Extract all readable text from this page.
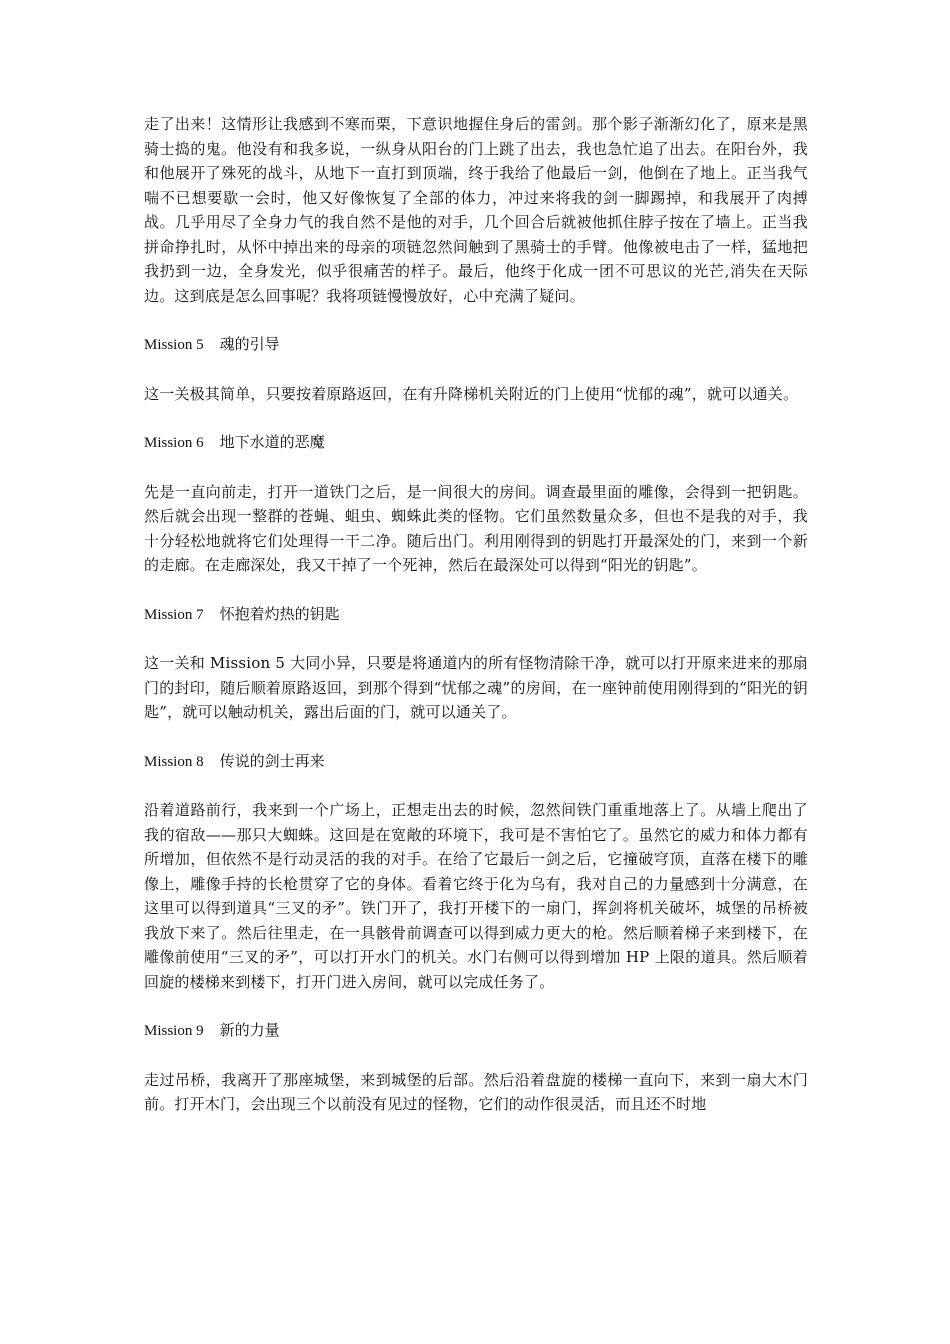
走了出来！这情形让我感到不寒而栗，下意识地握住身后的雷剑。那个影子渐渐幻化了，原来是黑骑士捣的鬼。他没有和我多说，一纵身从阳台的门上跳了出去，我也急忙追了出去。在阳台外，我和他展开了殊死的战斗，从地下一直打到顶端，终于我给了他最后一剑，他倒在了地上。正当我气喘不已想要歇一会时，他又好像恢复了全部的体力，冲过来将我的剑一脚踢掉，和我展开了肉搏战。几乎用尽了全身力气的我自然不是他的对手，几个回合后就被他抓住脖子按在了墙上。正当我拼命挣扎时，从怀中掉出来的母亲的项链忽然间触到了黑骑士的手臂。他像被电击了一样，猛地把我扔到一边，全身发光，似乎很痛苦的样子。最后，他终于化成一团不可思议的光芒,消失在天际边。这到底是怎么回事呢？我将项链慢慢放好，心中充满了疑问。

Mission 5 魂的引导

这一关极其简单，只要按着原路返回，在有升降梯机关附近的门上使用“忧郁的魂”，就可以通关。

Mission 6 地下水道的恶魔

先是一直向前走，打开一道铁门之后，是一间很大的房间。调查最里面的雕像，会得到一把钥匙。然后就会出现一整群的苍蝇、蛆虫、蜘蛛此类的怪物。它们虽然数量众多，但也不是我的对手，我十分轻松地就将它们处理得一干二净。随后出门。利用刚得到的钥匙打开最深处的门，来到一个新的走廊。在走廊深处，我又干掉了一个死神，然后在最深处可以得到“阳光的钥匙”。

Mission 7 怀抱着灼热的钥匙

这一关和 Mission 5 大同小异，只要是将通道内的所有怪物清除干净，就可以打开原来进来的那扇门的封印，随后顺着原路返回，到那个得到“忧郁之魂”的房间，在一座钟前使用刚得到的“阳光的钥匙”，就可以触动机关，露出后面的门，就可以通关了。

Mission 8 传说的剑士再来

沿着道路前行，我来到一个广场上，正想走出去的时候，忽然间铁门重重地落上了。从墙上爬出了我的宿敌——那只大蜘蛛。这回是在宽敞的环境下，我可是不害怕它了。虽然它的威力和体力都有所增加，但依然不是行动灵活的我的对手。在给了它最后一剑之后，它撞破穹顶，直落在楼下的雕像上，雕像手持的长枪贯穿了它的身体。看着它终于化为乌有，我对自己的力量感到十分满意，在这里可以得到道具“三叉的矛”。铁门开了，我打开楼下的一扇门，挥剑将机关破坏，城堡的吊桥被我放下来了。然后往里走，在一具骸骨前调查可以得到威力更大的枪。然后顺着梯子来到楼下，在雕像前使用“三叉的矛”，可以打开水门的机关。水门右侧可以得到增加 HP 上限的道具。然后顺着回旋的楼梯来到楼下，打开门进入房间，就可以完成任务了。

Mission 9 新的力量

走过吊桥，我离开了那座城堡，来到城堡的后部。然后沿着盘旋的楼梯一直向下，来到一扇大木门前。打开木门，会出现三个以前没有见过的怪物，它们的动作很灵活，而且还不时地
